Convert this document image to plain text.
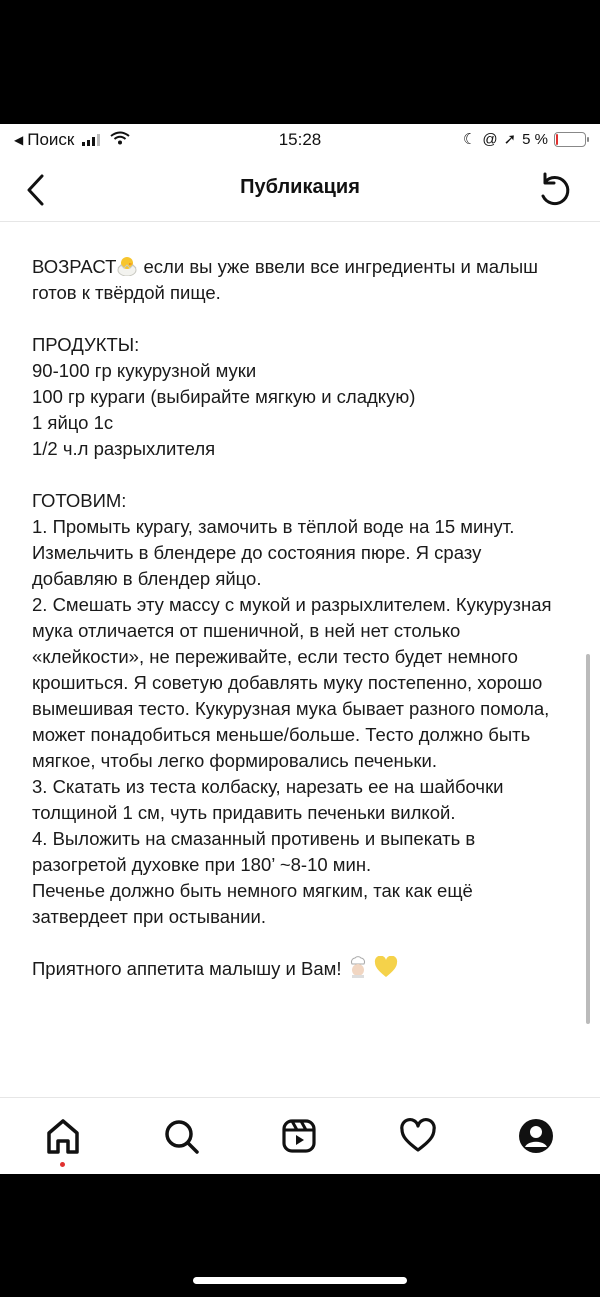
◀ Поиск	15:28	☾ @ ➚ 5 %
Публикация

ВОЗРАСТ если вы уже ввели все ингредиенты и малыш готов к твёрдой пище.

ПРОДУКТЫ:

90-100 гр кукурузной муки

100 гр кураги (выбирайте мягкую и сладкую)

1 яйцо 1с

1/2 ч.л разрыхлителя

ГОТОВИМ:

1. Промыть курагу, замочить в тёплой воде на 15 минут. Измельчить в блендере до состояния пюре. Я сразу добавляю в блендер яйцо.

2. Смешать эту массу с мукой и разрыхлителем. Кукурузная мука отличается от пшеничной, в ней нет столько «клейкости», не переживайте, если тесто будет немного крошиться. Я советую добавлять муку постепенно, хорошо вымешивая тесто. Кукурузная мука бывает разного помола, может понадобиться меньше/больше. Тесто должно быть мягкое, чтобы легко формировались печеньки.

3. Скатать из теста колбаску, нарезать ее на шайбочки толщиной 1 см, чуть придавить печеньки вилкой.

4. Выложить на смазанный противень и выпекать в разогретой духовке при 180’ ~8-10 мин.

Печенье должно быть немного мягким, так как ещё затвердеет при остывании.

Приятного аппетита малышу и Вам!
